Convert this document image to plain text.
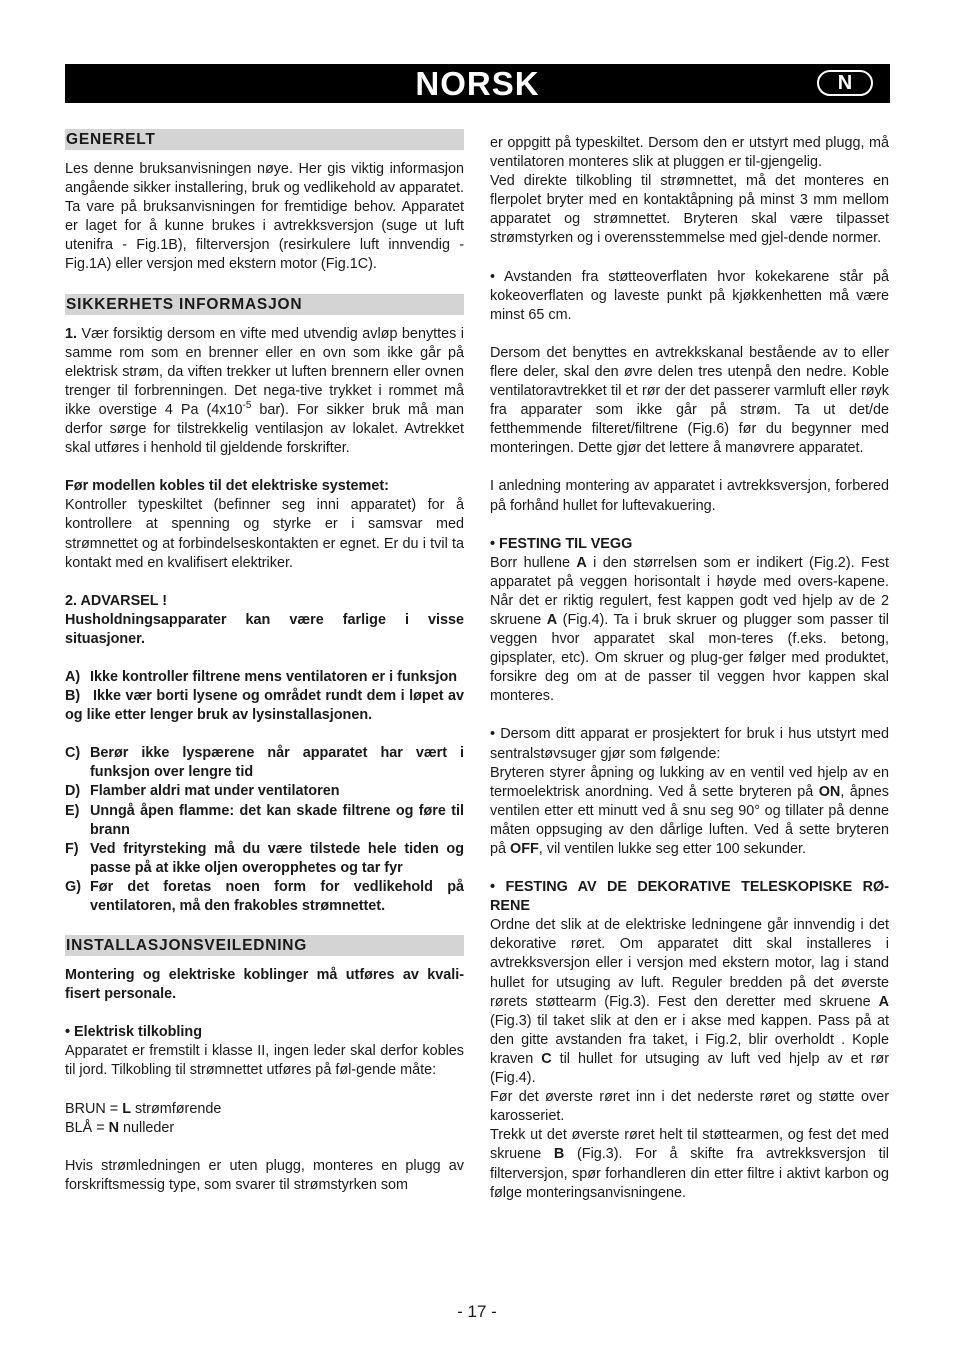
NORSK	N
GENERELT

Les denne bruksanvisningen nøye. Her gis viktig informasjon angående sikker installering, bruk og vedlikehold av apparatet. Ta vare på bruksanvisningen for fremtidige behov. Apparatet er laget for å kunne brukes i avtrekksversjon (suge ut luft utenifra - Fig.1B), filterversjon (resirkulere luft innvendig - Fig.1A) eller versjon med ekstern motor (Fig.1C).

SIKKERHETS INFORMASJON

1. Vær forsiktig dersom en vifte med utvendig avløp benyttes i samme rom som en brenner eller en ovn som ikke går på elektrisk strøm, da viften trekker ut luften brennern eller ovnen trenger til forbrenningen. Det nega-tive trykket i rommet må ikke overstige 4 Pa ($4x10^{-5}$ bar). For sikker bruk må man derfor sørge for tilstrekkelig ventilasjon av lokalet. Avtrekket skal utføres i henhold til gjeldende forskrifter.

Før modellen kobles til det elektriske systemet:

Kontroller typeskiltet (befinner seg inni apparatet) for å kontrollere at spenning og styrke er i samsvar med strømnettet og at forbindelseskontakten er egnet. Er du i tvil ta kontakt med en kvalifisert elektriker.

2. ADVARSEL !

Husholdningsapparater kan være farlige i visse situasjoner.

A) Ikke kontroller filtrene mens ventilatoren er i funksjon
B) Ikke vær borti lysene og området rundt dem i løpet av og like etter lenger bruk av lysinstallasjonen.
C) Berør ikke lyspærene når apparatet har vært i funksjon over lengre tid
D) Flamber aldri mat under ventilatoren
E) Unngå åpen flamme: det kan skade filtrene og føre til brann
F) Ved frityrsteking må du være tilstede hele tiden og passe på at ikke oljen overopphetes og tar fyr
G) Før det foretas noen form for vedlikehold på ventilatoren, må den frakobles strømnettet.
INSTALLASJONSVEILEDNING

Montering og elektriske koblinger må utføres av kvali-fisert personale.

• Elektrisk tilkobling

Apparatet er fremstilt i klasse II, ingen leder skal derfor kobles til jord. Tilkobling til strømnettet utføres på føl-gende måte:

BRUN = L strømførende

BLÅ = N nulleder

Hvis strømledningen er uten plugg, monteres en plugg av forskriftsmessig type, som svarer til strømstyrken som

er oppgitt på typeskiltet. Dersom den er utstyrt med plugg, må ventilatoren monteres slik at pluggen er til-gjengelig.

Ved direkte tilkobling til strømnettet, må det monteres en flerpolet bryter med en kontaktåpning på minst 3 mm mellom apparatet og strømnettet. Bryteren skal være tilpasset strømstyrken og i overensstemmelse med gjel-dende normer.

• Avstanden fra støtteoverflaten hvor kokekarene står på kokeoverflaten og laveste punkt på kjøkkenhetten må være minst 65 cm.

Dersom det benyttes en avtrekkskanal bestående av to eller flere deler, skal den øvre delen tres utenpå den nedre. Koble ventilatoravtrekket til et rør der det passerer varmluft eller røyk fra apparater som ikke går på strøm. Ta ut det/de fetthemmende filteret/filtrene (Fig.6) før du begynner med monteringen. Dette gjør det lettere å manøvrere apparatet.

I anledning montering av apparatet i avtrekksversjon, forbered på forhånd hullet for luftevakuering.

• FESTING TIL VEGG

Borr hullene A i den størrelsen som er indikert (Fig.2). Fest apparatet på veggen horisontalt i høyde med overs-kapene. Når det er riktig regulert, fest kappen godt ved hjelp av de 2 skruene A (Fig.4). Ta i bruk skruer og plugger som passer til veggen hvor apparatet skal mon-teres (f.eks. betong, gipsplater, etc). Om skruer og plug-ger følger med produktet, forsikre deg om at de passer til veggen hvor kappen skal monteres.

• Dersom ditt apparat er prosjektert for bruk i hus utstyrt med sentralstøvsuger gjør som følgende:

Bryteren styrer åpning og lukking av en ventil ved hjelp av en termoelektrisk anordning. Ved å sette bryteren på ON, åpnes ventilen etter ett minutt ved å snu seg 90° og tillater på denne måten oppsuging av den dårlige luften. Ved å sette bryteren på OFF, vil ventilen lukke seg etter 100 sekunder.

• FESTING AV DE DEKORATIVE TELESKOPISKE RØ-RENE

Ordne det slik at de elektriske ledningene går innvendig i det dekorative røret. Om apparatet ditt skal installeres i avtrekksversjon eller i versjon med ekstern motor, lag i stand hullet for utsuging av luft. Reguler bredden på det øverste rørets støttearm (Fig.3). Fest den deretter med skruene A (Fig.3) til taket slik at den er i akse med kappen. Pass på at den gitte avstanden fra taket, i Fig.2, blir overholdt . Kople kraven C til hullet for utsuging av luft ved hjelp av et rør (Fig.4).

Før det øverste røret inn i det nederste røret og støtte over karosseriet.

Trekk ut det øverste røret helt til støttearmen, og fest det med skruene B (Fig.3). For å skifte fra avtrekksversjon til filterversjon, spør forhandleren din etter filtre i aktivt karbon og følge monteringsanvisningene.

- 17 -
